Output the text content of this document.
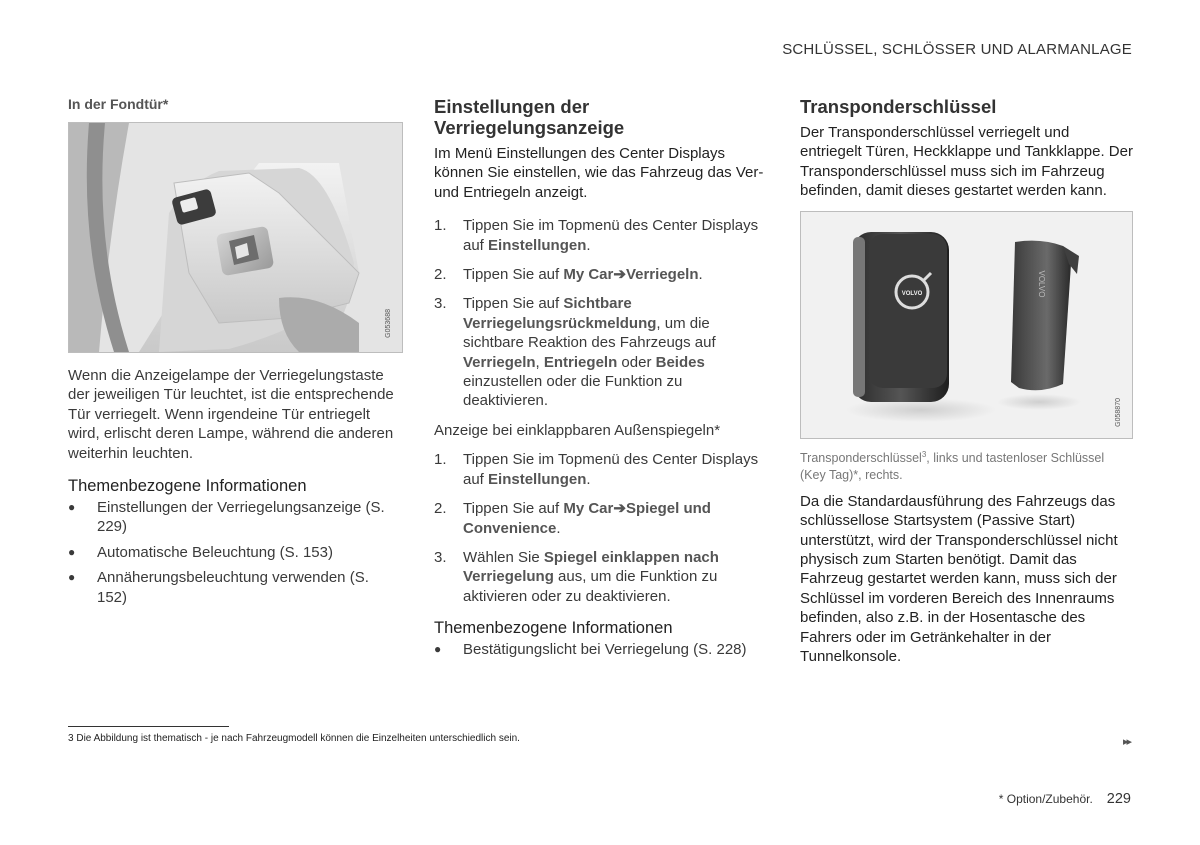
SCHLÜSSEL, SCHLÖSSER UND ALARMANLAGE
In der Fondtür*
G053688

Wenn die Anzeigelampe der Verriegelungstaste der jeweiligen Tür leuchtet, ist die entsprechende Tür verriegelt. Wenn irgendeine Tür entriegelt wird, erlischt deren Lampe, während die anderen weiterhin leuchten.

Themenbezogene Informationen
● Einstellungen der Verriegelungsanzeige (S. 229)
● Automatische Beleuchtung (S. 153)
● Annäherungsbeleuchtung verwenden (S. 152)
Einstellungen der
Verriegelungsanzeige

Im Menü Einstellungen des Center Displays können Sie einstellen, wie das Fahrzeug das Ver- und Entriegeln anzeigt.

1. Tippen Sie im Topmenü des Center Displays auf Einstellungen.
2. Tippen Sie auf My Car➔Verriegeln.
3. Tippen Sie auf Sichtbare Verriegelungsrückmeldung, um die sichtbare Reaktion des Fahrzeugs auf Verriegeln, Entriegeln oder Beides einzustellen oder die Funktion zu deaktivieren.

Anzeige bei einklappbaren Außenspiegeln*

1. Tippen Sie im Topmenü des Center Displays auf Einstellungen.
2. Tippen Sie auf My Car➔Spiegel und Convenience.
3. Wählen Sie Spiegel einklappen nach Verriegelung aus, um die Funktion zu aktivieren oder zu deaktivieren.
Themenbezogene Informationen
● Bestätigungslicht bei Verriegelung (S. 228)
Transponderschlüssel

Der Transponderschlüssel verriegelt und entriegelt Türen, Heckklappe und Tankklappe. Der Transponderschlüssel muss sich im Fahrzeug befinden, damit dieses gestartet werden kann.

VOLVO	VOLVO
G058870
Transponderschlüssel$^3$, links und tastenloser Schlüssel (Key Tag)*, rechts.

Da die Standardausführung des Fahrzeugs das schlüssellose Startsystem (Passive Start) unterstützt, wird der Transponderschlüssel nicht physisch zum Starten benötigt. Damit das Fahrzeug gestartet werden kann, muss sich der Schlüssel im vorderen Bereich des Innenraums befinden, also z.B. in der Hosentasche des Fahrers oder im Getränkehalter in der Tunnelkonsole.

3 Die Abbildung ist thematisch - je nach Fahrzeugmodell können die Einzelheiten unterschiedlich sein.	▸▸
* Option/Zubehör. 229
